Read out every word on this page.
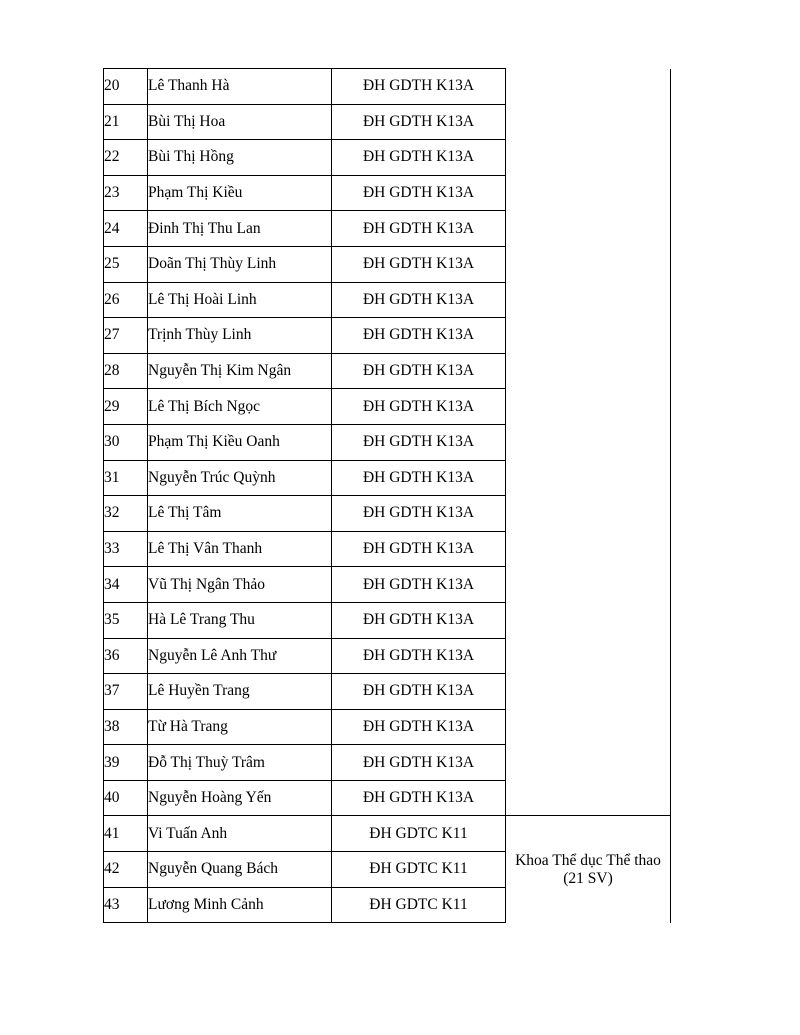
20	Lê Thanh Hà	ĐH GDTH K13A	
21	Bùi Thị Hoa	ĐH GDTH K13A	
22	Bùi Thị Hồng	ĐH GDTH K13A	
23	Phạm Thị Kiều	ĐH GDTH K13A	
24	Đinh Thị Thu Lan	ĐH GDTH K13A	
25	Doãn Thị Thùy Linh	ĐH GDTH K13A	
26	Lê Thị Hoài Linh	ĐH GDTH K13A	
27	Trịnh Thùy Linh	ĐH GDTH K13A	
28	Nguyễn Thị Kim Ngân	ĐH GDTH K13A	
29	Lê Thị Bích Ngọc	ĐH GDTH K13A	
30	Phạm Thị Kiều Oanh	ĐH GDTH K13A	
31	Nguyễn Trúc Quỳnh	ĐH GDTH K13A	
32	Lê Thị Tâm	ĐH GDTH K13A	
33	Lê Thị Vân Thanh	ĐH GDTH K13A	
34	Vũ Thị Ngân Thảo	ĐH GDTH K13A	
35	Hà Lê Trang Thu	ĐH GDTH K13A	
36	Nguyễn Lê Anh Thư	ĐH GDTH K13A	
37	Lê Huyền Trang	ĐH GDTH K13A	
38	Từ Hà Trang	ĐH GDTH K13A	
39	Đỗ Thị Thuỳ Trâm	ĐH GDTH K13A	
40	Nguyễn Hoàng Yến	ĐH GDTH K13A	
41	Vi Tuấn Anh	ĐH GDTC K11	Khoa Thể dục Thể thao
(21 SV)

42	Nguyễn Quang Bách	ĐH GDTC K11	
43	Lương Minh Cảnh	ĐH GDTC K11	
